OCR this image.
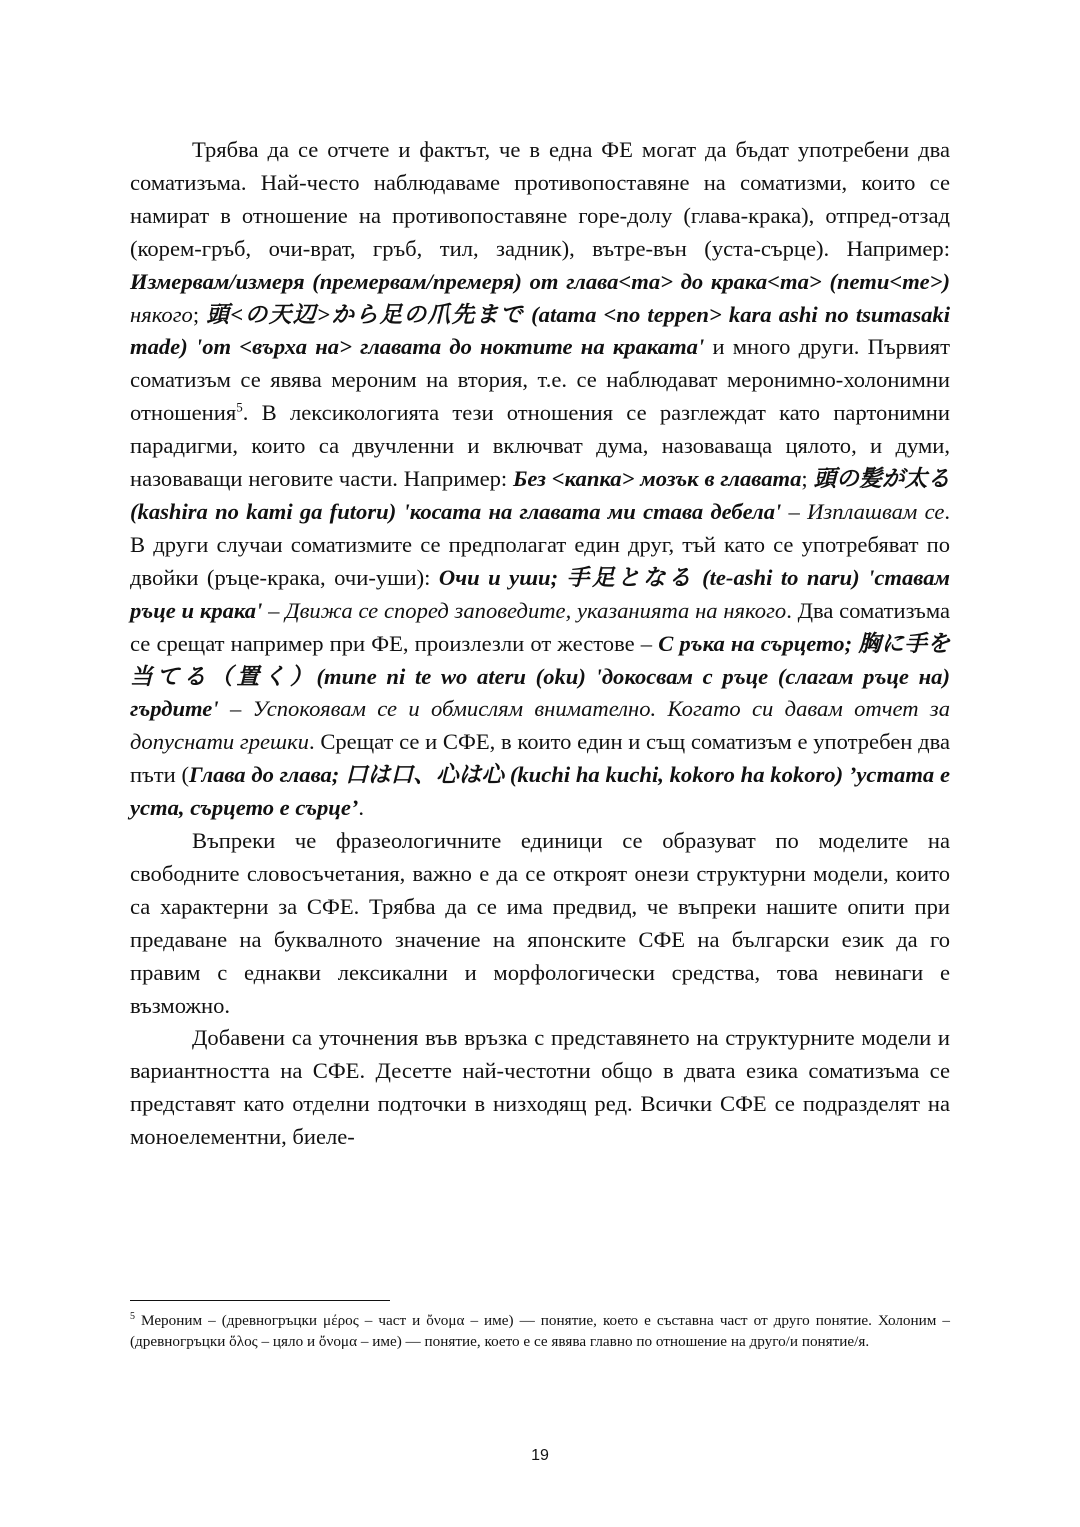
Трябва да се отчете и фактът, че в една ФЕ могат да бъдат употребени два соматизъма. Най-често наблюдаваме противопоставяне на соматизми, които се намират в отношение на противопоставяне горе-долу (глава-крака), отпред-отзад (корем-гръб, очи-врат, гръб, тил, задник), вътре-вън (уста-сърце). Например: Измервам/измеря (премервам/премеря) от глава<та> до крака<та> (пети<те>) някого; 頭<の天辺>から足の爪先まで (atama <no teppen> kara ashi no tsumasaki made) 'от <върха на> главата до ноктите на краката' и много други. Първият соматизъм се явява мероним на втория, т.е. се наблюдават меронимно-холонимни отношения$^5$. В лексикологията тези отношения се разглеждат като партонимни парадигми, които са двучленни и включват дума, назоваваща цялото, и думи, назоваващи неговите части. Например: Без <капка> мозък в главата; 頭の髪が太る (kashira no kami ga futoru) 'косата на главата ми става дебела' – Изплашвам се. В други случаи соматизмите се предполагат един друг, тъй като се употребяват по двойки (ръце-крака, очи-уши): Очи и уши; 手足となる (te-ashi to naru) 'ставам ръце и крака' – Движа се според заповедите, указанията на някого. Два соматизъма се срещат например при ФЕ, произлезли от жестове – С ръка на сърцето; 胸に手を当てる（置く）(mune ni te wo ateru (oku) 'докосвам с ръце (слагам ръце на) гърдите' – Успокоявам се и обмислям внимателно. Когато си давам отчет за допуснати грешки. Срещат се и СФЕ, в които един и същ соматизъм е употребен два пъти (Глава до глава; 口は口、心は心 (kuchi ha kuchi, kokoro ha kokoro) ’устата е уста, сърцето е сърце’.

Въпреки че фразеологичните единици се образуват по моделите на свободните словосъчетания, важно е да се откроят онези структурни модели, които са характерни за СФЕ. Трябва да се има предвид, че въпреки нашите опити при предаване на буквалното значение на японските СФЕ на български език да го правим с еднакви лексикални и морфологически средства, това невинаги е възможно.

Добавени са уточнения във връзка с представянето на структурните модели и вариантността на СФЕ. Десетте най-честотни общо в двата езика соматизъма се представят като отделни подточки в низходящ ред. Всички СФЕ се подразделят на моноелементни, биеле-

$^5$ Мероним – (древногръцки μέρος – част и ὄνομα – име) — понятие, което е съставна част от друго понятие. Холоним – (древногръцки ὅλος – цяло и ὄνομα – име) — понятие, което е се явява главно по отношение на друго/и понятие/я.
19
